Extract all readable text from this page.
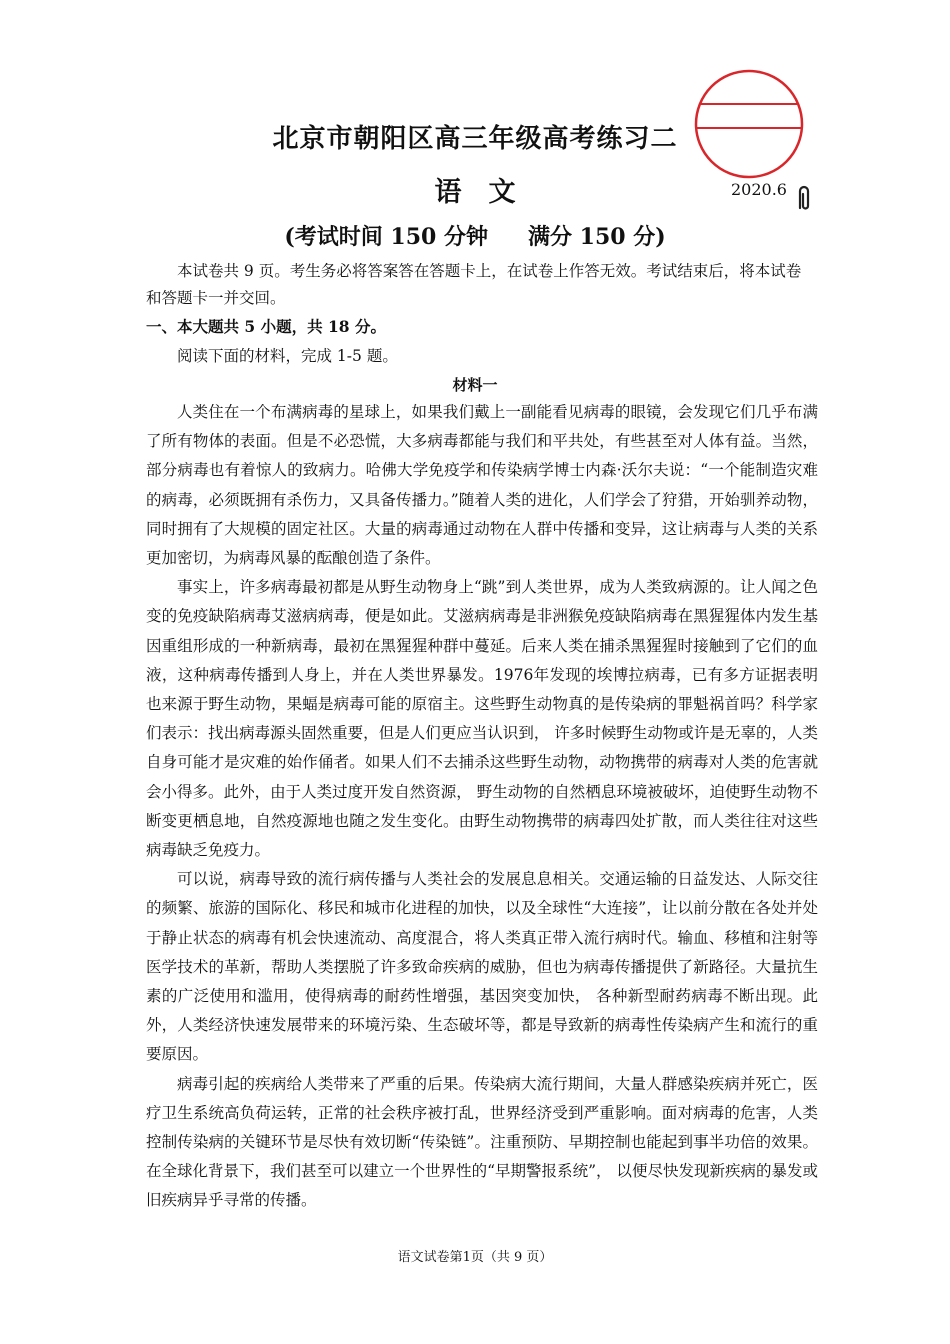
北京市朝阳区高三年级高考练习二
语　文	2020.6
(考试时间 150 分钟 满分 150 分)

本试卷共 9 页。考生务必将答案答在答题卡上，在试卷上作答无效。考试结束后，将本试卷和答题卡一并交回。

一、本大题共 5 小题，共 18 分。
阅读下面的材料，完成 1-5 题。
材料一

人类住在一个布满病毒的星球上，如果我们戴上一副能看见病毒的眼镜，会发现它们几乎布满了所有物体的表面。但是不必恐慌，大多病毒都能与我们和平共处，有些甚至对人体有益。当然，部分病毒也有着惊人的致病力。哈佛大学免疫学和传染病学博士内森·沃尔夫说：“一个能制造灾难的病毒，必须既拥有杀伤力，又具备传播力。”随着人类的进化，人们学会了狩猎，开始驯养动物，同时拥有了大规模的固定社区。大量的病毒通过动物在人群中传播和变异，这让病毒与人类的关系更加密切，为病毒风暴的酝酿创造了条件。

事实上，许多病毒最初都是从野生动物身上“跳”到人类世界，成为人类致病源的。让人闻之色变的免疫缺陷病毒艾滋病病毒，便是如此。艾滋病病毒是非洲猴免疫缺陷病毒在黑猩猩体内发生基因重组形成的一种新病毒，最初在黑猩猩种群中蔓延。后来人类在捕杀黑猩猩时接触到了它们的血液，这种病毒传播到人身上，并在人类世界暴发。1976年发现的埃博拉病毒，已有多方证据表明也来源于野生动物，果蝠是病毒可能的原宿主。这些野生动物真的是传染病的罪魁祸首吗？科学家们表示：找出病毒源头固然重要，但是人们更应当认识到， 许多时候野生动物或许是无辜的，人类自身可能才是灾难的始作俑者。如果人们不去捕杀这些野生动物，动物携带的病毒对人类的危害就会小得多。此外，由于人类过度开发自然资源， 野生动物的自然栖息环境被破坏，迫使野生动物不断变更栖息地，自然疫源地也随之发生变化。由野生动物携带的病毒四处扩散，而人类往往对这些病毒缺乏免疫力。

可以说，病毒导致的流行病传播与人类社会的发展息息相关。交通运输的日益发达、人际交往的频繁、旅游的国际化、移民和城市化进程的加快，以及全球性“大连接”，让以前分散在各处并处于静止状态的病毒有机会快速流动、高度混合，将人类真正带入流行病时代。输血、移植和注射等医学技术的革新，帮助人类摆脱了许多致命疾病的威胁，但也为病毒传播提供了新路径。大量抗生素的广泛使用和滥用，使得病毒的耐药性增强，基因突变加快， 各种新型耐药病毒不断出现。此外，人类经济快速发展带来的环境污染、生态破坏等，都是导致新的病毒性传染病产生和流行的重要原因。

病毒引起的疾病给人类带来了严重的后果。传染病大流行期间，大量人群感染疾病并死亡，医疗卫生系统高负荷运转，正常的社会秩序被打乱，世界经济受到严重影响。面对病毒的危害，人类控制传染病的关键环节是尽快有效切断“传染链”。注重预防、早期控制也能起到事半功倍的效果。在全球化背景下，我们甚至可以建立一个世界性的“早期警报系统”， 以便尽快发现新疾病的暴发或旧疾病异乎寻常的传播。

语文试卷第1页（共 9 页）
